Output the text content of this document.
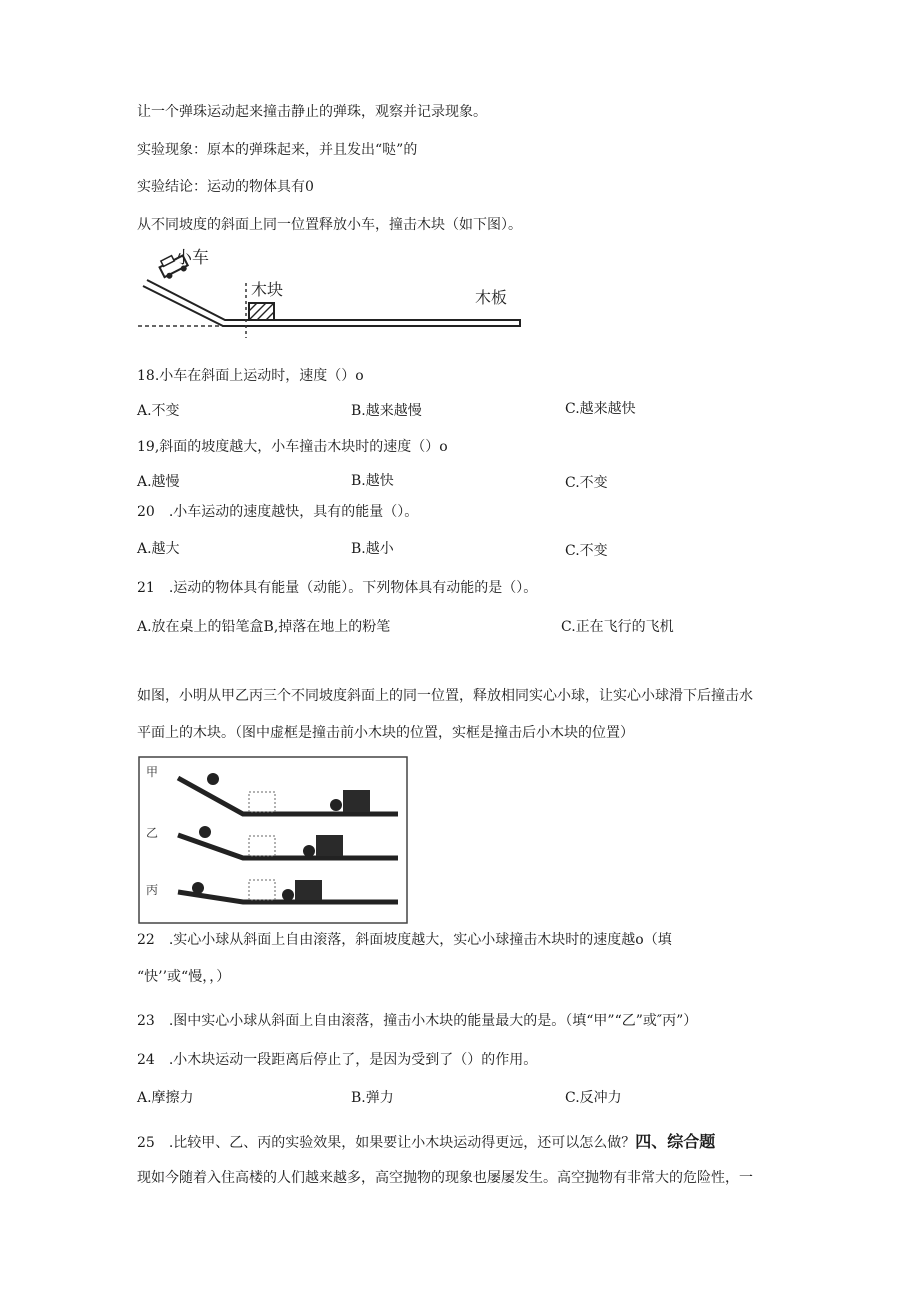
让一个弹珠运动起来撞击静止的弹珠，观察并记录现象。
实验现象：原本的弹珠起来，并且发出“哒”的
实验结论：运动的物体具有0
从不同坡度的斜面上同一位置释放小车，撞击木块（如下图）。
小车
木块	木板
18.小车在斜面上运动时，速度（）o
A.不变	B.越来越慢	C.越来越快
19,斜面的坡度越大，小车撞击木块时的速度（）o
A.越慢	B.越快	C.不变
20　.小车运动的速度越快，具有的能量（）。
A.越大	B.越小	C.不变
21　.运动的物体具有能量（动能）。下列物体具有动能的是（）。
A.放在桌上的铅笔盒B,掉落在地上的粉笔	C.正在飞行的飞机
如图，小明从甲乙丙三个不同坡度斜面上的同一位置，释放相同实心小球，让实心小球滑下后撞击水
平面上的木块。（图中虚框是撞击前小木块的位置，实框是撞击后小木块的位置）
甲
乙
丙
22　.实心小球从斜面上自由滚落，斜面坡度越大，实心小球撞击木块时的速度越o（填
“快’’或“慢，，）
23　.图中实心小球从斜面上自由滚落，撞击小木块的能量最大的是。（填“甲”“乙”或″丙”）
24　.小木块运动一段距离后停止了，是因为受到了（）的作用。
A.摩擦力	B.弹力	C.反冲力
25　.比较甲、乙、丙的实验效果，如果要让小木块运动得更远，还可以怎么做？四、综合题
现如今随着入住高楼的人们越来越多，高空抛物的现象也屡屡发生。高空抛物有非常大的危险性，一
